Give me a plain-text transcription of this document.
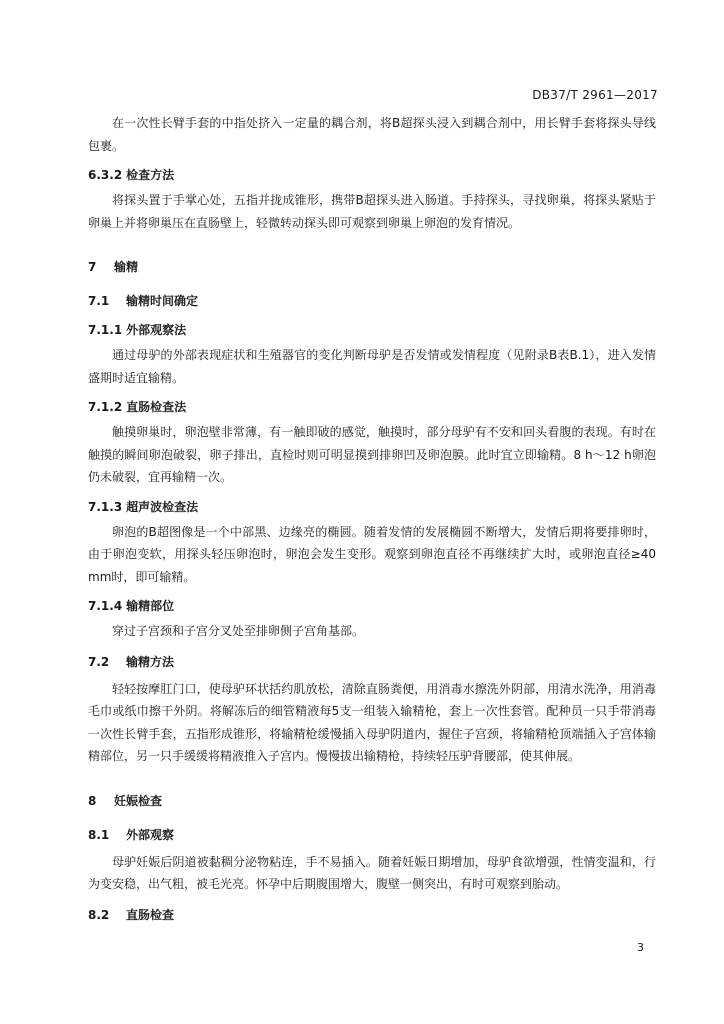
DB37/T 2961—2017
在一次性长臂手套的中指处挤入一定量的耦合剂，将B超探头浸入到耦合剂中，用长臂手套将探头导线包裹。
6.3.2 检查方法
将探头置于手掌心处，五指并拢成锥形，携带B超探头进入肠道。手持探头，寻找卵巢，将探头紧贴于卵巢上并将卵巢压在直肠壁上，轻微转动探头即可观察到卵巢上卵泡的发育情况。
7 输精
7.1 输精时间确定
7.1.1 外部观察法
通过母驴的外部表现症状和生殖器官的变化判断母驴是否发情或发情程度（见附录B表B.1），进入发情盛期时适宜输精。
7.1.2 直肠检查法
触摸卵巢时，卵泡壁非常薄，有一触即破的感觉，触摸时，部分母驴有不安和回头看腹的表现。有时在触摸的瞬间卵泡破裂，卵子排出，直检时则可明显摸到排卵凹及卵泡膜。此时宜立即输精。8 h～12 h卵泡仍未破裂，宜再输精一次。
7.1.3 超声波检查法
卵泡的B超图像是一个中部黑、边缘亮的椭圆。随着发情的发展椭圆不断增大，发情后期将要排卵时，由于卵泡变软，用探头轻压卵泡时，卵泡会发生变形。观察到卵泡直径不再继续扩大时，或卵泡直径≥40 mm时，即可输精。
7.1.4 输精部位
穿过子宫颈和子宫分叉处至排卵侧子宫角基部。
7.2 输精方法
轻轻按摩肛门口，使母驴环状括约肌放松，清除直肠粪便，用消毒水擦洗外阴部，用清水洗净，用消毒毛巾或纸巾擦干外阴。将解冻后的细管精液每5支一组装入输精枪，套上一次性套管。配种员一只手带消毒一次性长臂手套，五指形成锥形，将输精枪缓慢插入母驴阴道内，握住子宫颈，将输精枪顶端插入子宫体输精部位，另一只手缓缓将精液推入子宫内。慢慢拔出输精枪，持续轻压驴背腰部，使其伸展。
8 妊娠检查
8.1 外部观察
母驴妊娠后阴道被黏稠分泌物粘连，手不易插入。随着妊娠日期增加，母驴食欲增强，性情变温和，行为变安稳，出气粗，被毛光亮。怀孕中后期腹围增大，腹壁一侧突出，有时可观察到胎动。
8.2 直肠检查
3
